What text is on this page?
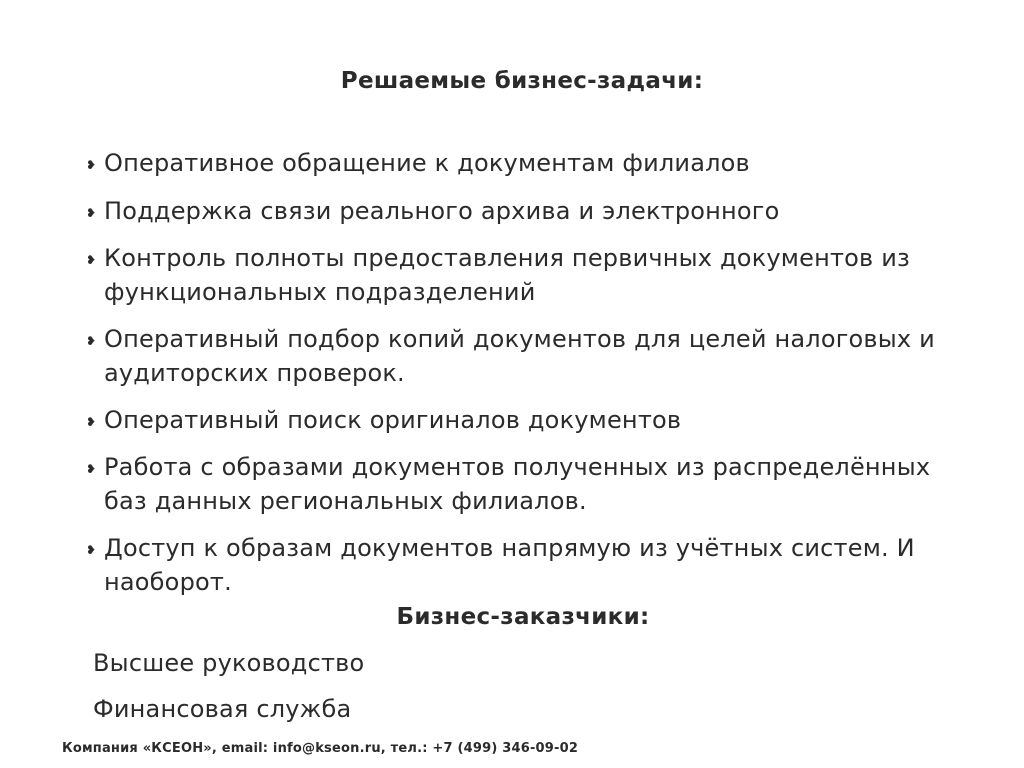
Решаемые бизнес-задачи:
❥ Оперативное обращение к документам филиалов
❥ Поддержка связи реального архива и электронного
❥ Контроль полноты предоставления первичных документов из функциональных подразделений
❥ Оперативный подбор копий документов для целей налоговых и аудиторских проверок.
❥ Оперативный поиск оригиналов документов
❥ Работа с образами документов полученных из распределённых баз данных региональных филиалов.
❥ Доступ к образам документов напрямую из учётных систем. И наоборот.
Бизнес-заказчики:
Высшее руководство
Финансовая служба
Компания «КСЕОН», email: info@kseon.ru, тел.: +7 (499) 346-09-02
